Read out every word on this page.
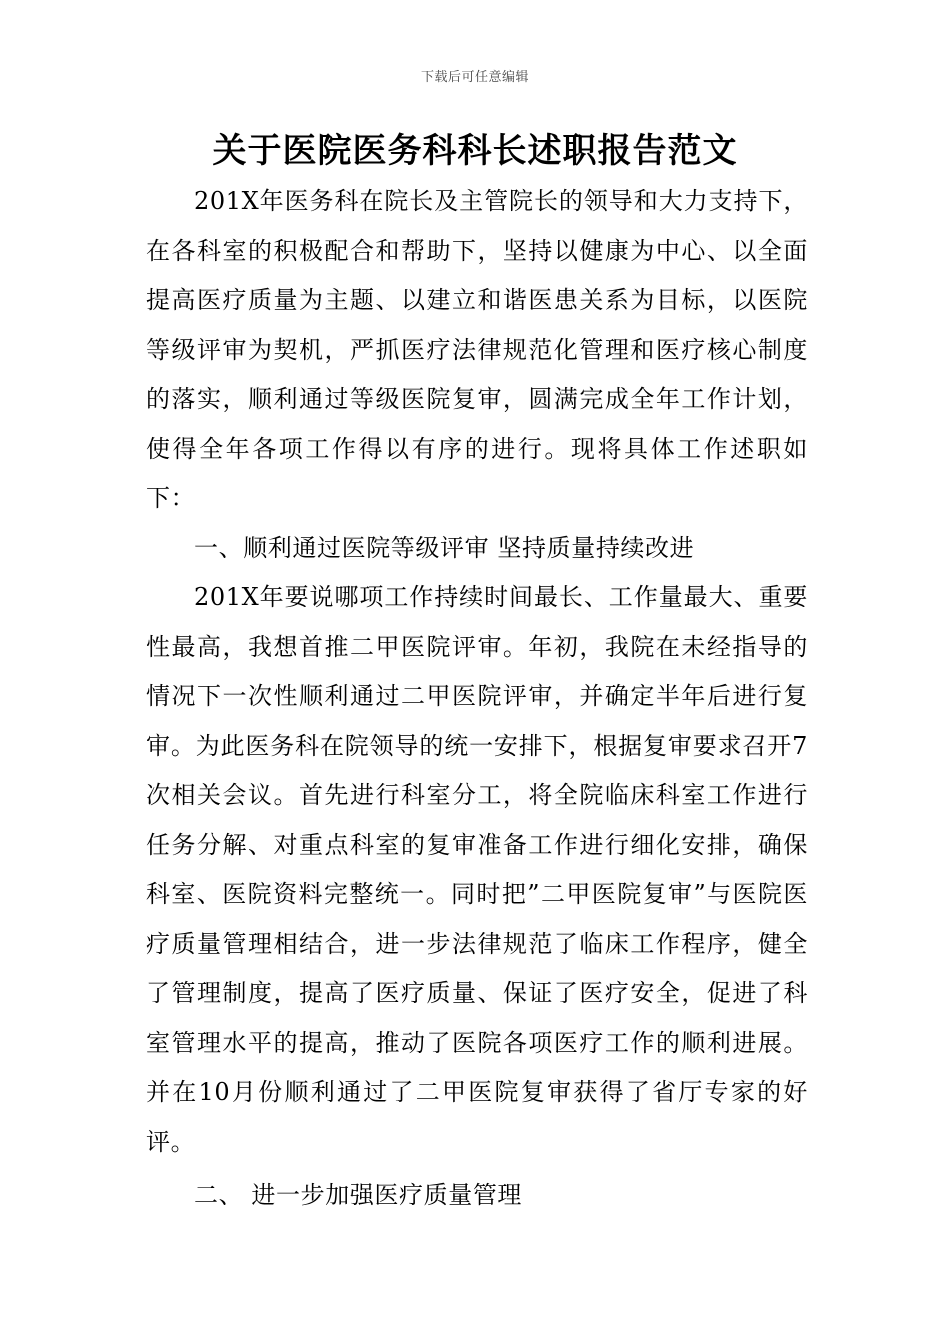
下载后可任意编辑
关于医院医务科科长述职报告范文

201X年医务科在院长及主管院长的领导和大力支持下，在各科室的积极配合和帮助下，坚持以健康为中心、以全面提高医疗质量为主题、以建立和谐医患关系为目标，以医院等级评审为契机，严抓医疗法律规范化管理和医疗核心制度的落实，顺利通过等级医院复审，圆满完成全年工作计划，使得全年各项工作得以有序的进行。现将具体工作述职如下：

一、顺利通过医院等级评审 坚持质量持续改进

201X年要说哪项工作持续时间最长、工作量最大、重要性最高，我想首推二甲医院评审。年初，我院在未经指导的情况下一次性顺利通过二甲医院评审，并确定半年后进行复审。为此医务科在院领导的统一安排下，根据复审要求召开7次相关会议。首先进行科室分工，将全院临床科室工作进行任务分解、对重点科室的复审准备工作进行细化安排，确保科室、医院资料完整统一。同时把”二甲医院复审”与医院医疗质量管理相结合，进一步法律规范了临床工作程序，健全了管理制度，提高了医疗质量、保证了医疗安全，促进了科室管理水平的提高，推动了医院各项医疗工作的顺利进展。并在10月份顺利通过了二甲医院复审获得了省厅专家的好评。

二、 进一步加强医疗质量管理
